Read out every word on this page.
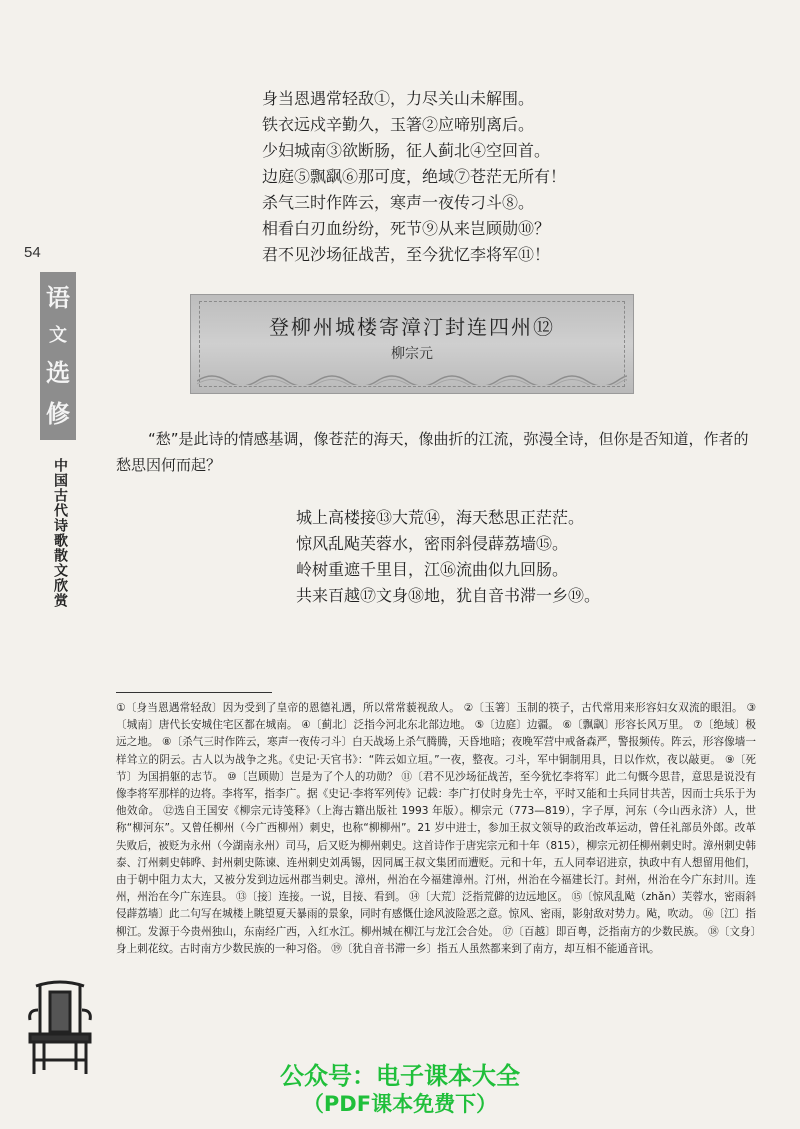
54
语
文
选
修
中国古代诗歌散文欣赏
身当恩遇常轻敌①，力尽关山未解围。
铁衣远戍辛勤久，玉箸②应啼别离后。
少妇城南③欲断肠，征人蓟北④空回首。
边庭⑤飘飖⑥那可度，绝域⑦苍茫无所有！
杀气三时作阵云，寒声一夜传刁斗⑧。
相看白刃血纷纷，死节⑨从来岂顾勋⑩？
君不见沙场征战苦，至今犹忆李将军⑪！
登柳州城楼寄漳汀封连四州⑫
柳宗元
“愁”是此诗的情感基调，像苍茫的海天，像曲折的江流，弥漫全诗，但你是否知道，作者的愁思因何而起？
城上高楼接⑬大荒⑭，海天愁思正茫茫。
惊风乱飐芙蓉水，密雨斜侵薜荔墙⑮。
岭树重遮千里目，江⑯流曲似九回肠。
共来百越⑰文身⑱地，犹自音书滞一乡⑲。

①〔身当恩遇常轻敌〕因为受到了皇帝的恩德礼遇，所以常常藐视敌人。 ②〔玉箸〕玉制的筷子，古代常用来形容妇女双流的眼泪。 ③〔城南〕唐代长安城住宅区都在城南。 ④〔蓟北〕泛指今河北东北部边地。 ⑤〔边庭〕边疆。 ⑥〔飘飖〕形容长风万里。 ⑦〔绝域〕极远之地。 ⑧〔杀气三时作阵云，寒声一夜传刁斗〕白天战场上杀气腾腾，天昏地暗；夜晚军营中戒备森严，警报频传。阵云，形容像墙一样耸立的阴云。古人以为战争之兆。《史记·天官书》：“阵云如立垣。”一夜，整夜。刁斗，军中铜制用具，日以作炊，夜以敲更。 ⑨〔死节〕为国捐躯的志节。 ⑩〔岂顾勋〕岂是为了个人的功勋？ ⑪〔君不见沙场征战苦，至今犹忆李将军〕此二句慨今思昔，意思是说没有像李将军那样的边将。李将军，指李广。据《史记·李将军列传》记载：李广打仗时身先士卒，平时又能和士兵同甘共苦，因而士兵乐于为他效命。 ⑫选自王国安《柳宗元诗笺释》（上海古籍出版社 1993 年版）。柳宗元（773—819），字子厚，河东（今山西永济）人，世称“柳河东”。又曾任柳州（今广西柳州）刺史，也称“柳柳州”。21 岁中进士，参加王叔文领导的政治改革运动，曾任礼部员外郎。改革失败后，被贬为永州（今湖南永州）司马，后又贬为柳州刺史。这首诗作于唐宪宗元和十年（815），柳宗元初任柳州刺史时。漳州刺史韩泰、汀州刺史韩晔、封州刺史陈谏、连州刺史刘禹锡，因同属王叔文集团而遭贬。元和十年，五人同奉诏进京，执政中有人想留用他们，由于朝中阻力太大，又被分发到边远州郡当刺史。漳州，州治在今福建漳州。汀州，州治在今福建长汀。封州，州治在今广东封川。连州，州治在今广东连县。 ⑬〔接〕连接。一说，目接、看到。 ⑭〔大荒〕泛指荒僻的边远地区。 ⑮〔惊风乱飐（zhǎn）芙蓉水，密雨斜侵薜荔墙〕此二句写在城楼上眺望夏天暴雨的景象，同时有感慨仕途风波险恶之意。惊风、密雨，影射敌对势力。飐，吹动。 ⑯〔江〕指柳江。发源于今贵州独山，东南经广西，入红水江。柳州城在柳江与龙江会合处。 ⑰〔百越〕即百粤，泛指南方的少数民族。 ⑱〔文身〕身上刺花纹。古时南方少数民族的一种习俗。 ⑲〔犹自音书滞一乡〕指五人虽然都来到了南方，却互相不能通音讯。

公众号：电子课本大全
（PDF课本免费下）
